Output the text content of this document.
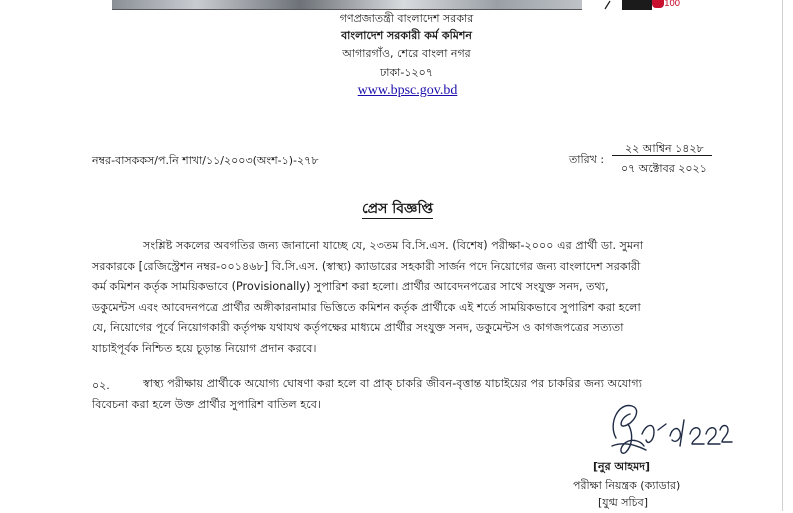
100
গণপ্রজাতন্ত্রী বাংলাদেশ সরকার
বাংলাদেশ সরকারী কর্ম কমিশন
আগারগাঁও, শেরে বাংলা নগর
ঢাকা-১২০৭
www.bpsc.gov.bd
নম্বর-বাসককস/প.নি শাখা/১১/২০০৩(অংশ-১)-২৭৮	তারিখ :
২২ আশ্বিন ১৪২৮
০৭ অক্টোবর ২০২১
প্রেস বিজ্ঞপ্তি
সংশ্লিষ্ট সকলের অবগতির জন্য জানানো যাচ্ছে যে, ২৩তম বি.সি.এস. (বিশেষ) পরীক্ষা-২০০০ এর প্রার্থী ডা. সুমনা
সরকারকে [রেজিস্ট্রেশন নম্বর-০০১৪৬৮] বি.সি.এস. (স্বাস্থ্য) ক্যাডারের সহকারী সার্জন পদে নিয়োগের জন্য বাংলাদেশ সরকারী
কর্ম কমিশন কর্তৃক সাময়িকভাবে (Provisionally) সুপারিশ করা হলো। প্রার্থীর আবেদনপত্রের সাথে সংযুক্ত সনদ, তথ্য,
ডকুমেন্টস এবং আবেদনপত্রে প্রার্থীর অঙ্গীকারনামার ভিত্তিতে কমিশন কর্তৃক প্রার্থীকে এই শর্তে সাময়িকভাবে সুপারিশ করা হলো
যে, নিয়োগের পূর্বে নিয়োগকারী কর্তৃপক্ষ যথাযথ কর্তৃপক্ষের মাধ্যমে প্রার্থীর সংযুক্ত সনদ, ডকুমেন্টস ও কাগজপত্রের সত্যতা
যাচাইপূর্বক নিশ্চিত হয়ে চূড়ান্ত নিয়োগ প্রদান করবে।
০২.	স্বাস্থ্য পরীক্ষায় প্রার্থীকে অযোগ্য ঘোষণা করা হলে বা প্রাক্ চাকরি জীবন-বৃত্তান্ত যাচাইয়ের পর চাকরির জন্য অযোগ্য
বিবেচনা করা হলে উক্ত প্রার্থীর সুপারিশ বাতিল হবে।
[নুর আহমদ]
পরীক্ষা নিয়ন্ত্রক (ক্যাডার)
[যুগ্ম সচিব]
